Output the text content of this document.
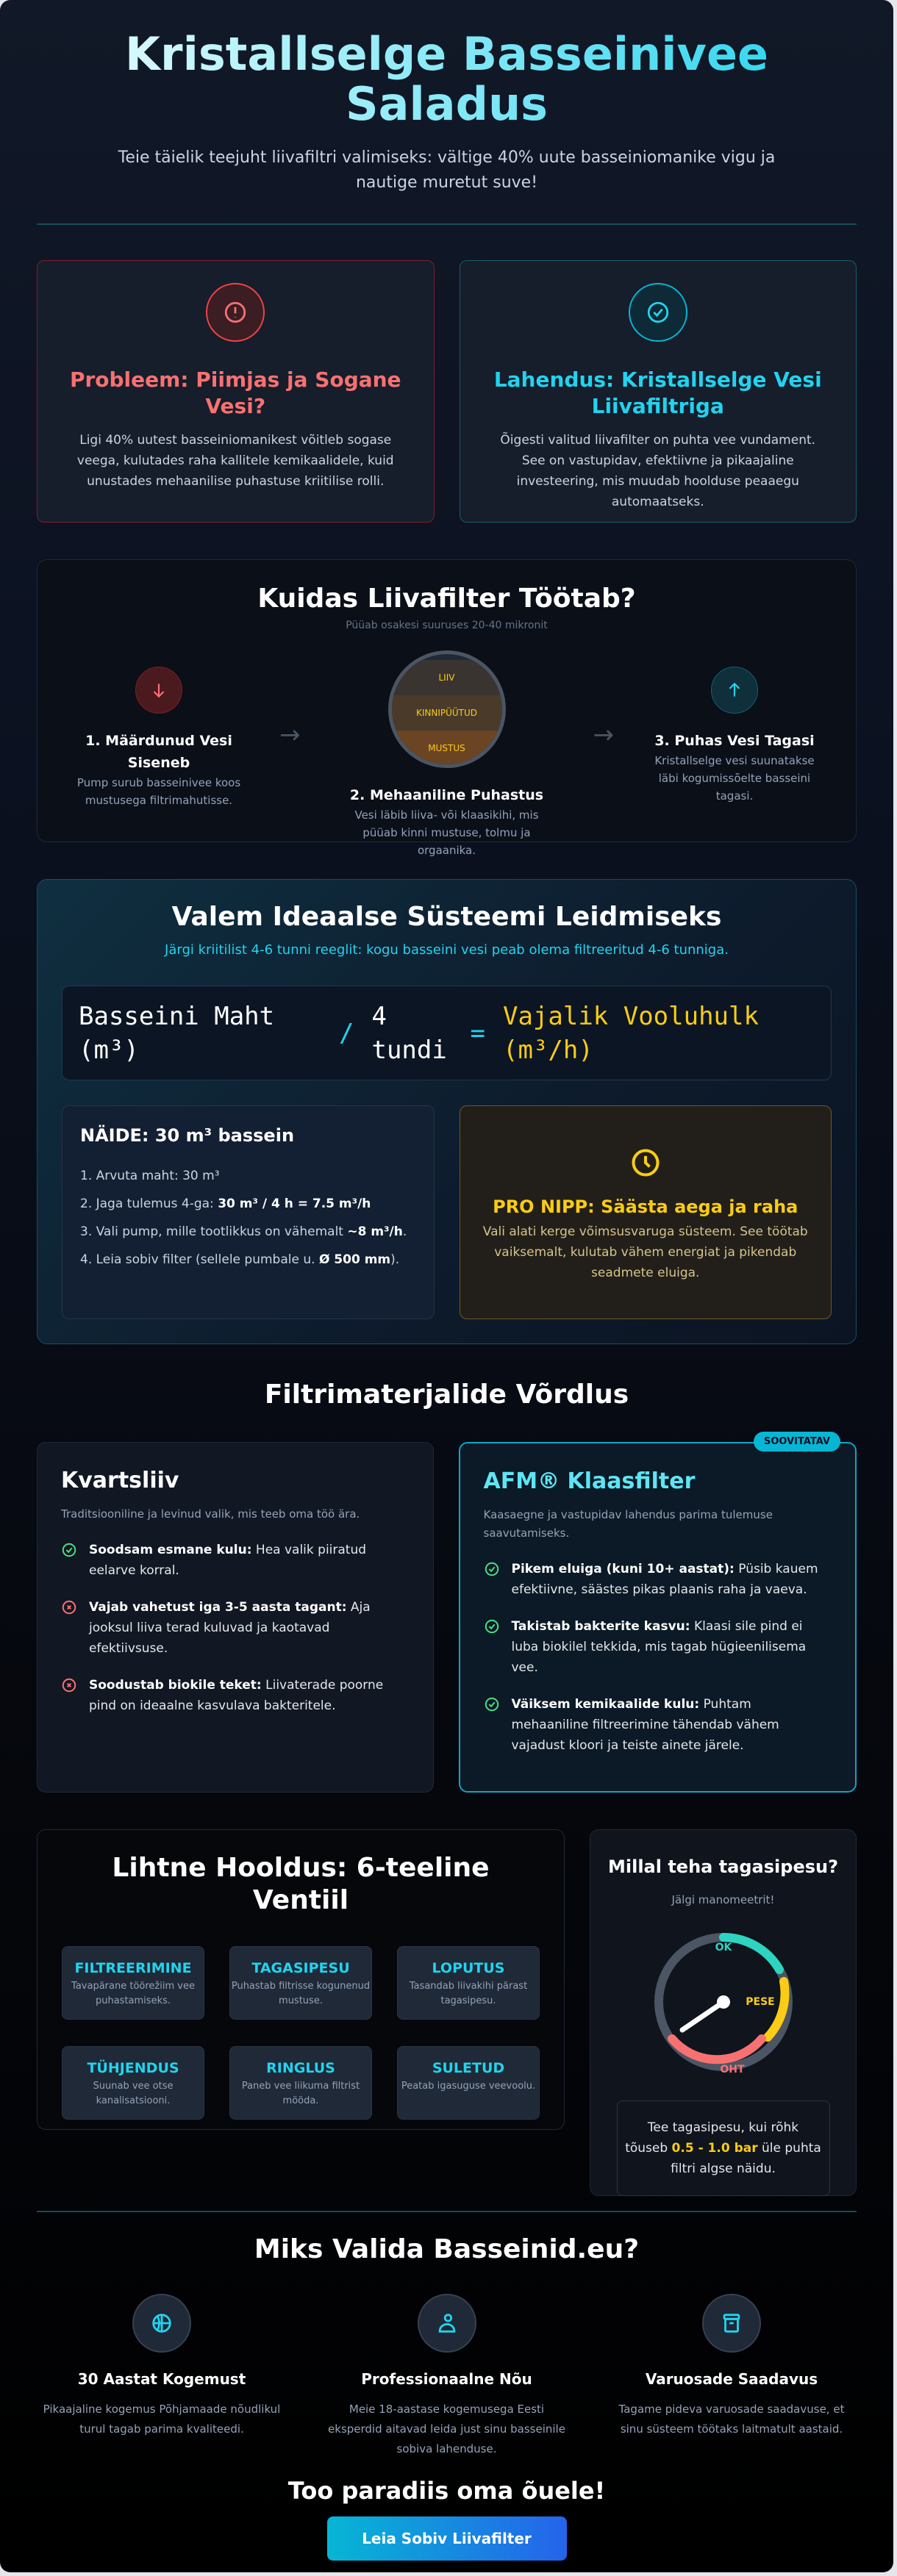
Kristallselge Basseinivee Saladus

Teie täielik teejuht liivafiltri valimiseks: vältige 40% uute basseiniomanike vigu ja nautige muretut suve!

Probleem: Piimjas ja Sogane Vesi?

Ligi 40% uutest basseiniomanikest võitleb sogase veega, kulutades raha kallitele kemikaalidele, kuid unustades mehaanilise puhastuse kriitilise rolli.

Lahendus: Kristallselge Vesi Liivafiltriga

Õigesti valitud liivafilter on puhta vee vundament. See on vastupidav, efektiivne ja pikaajaline investeering, mis muudab hoolduse peaaegu automaatseks.

Kuidas Liivafilter Töötab?
1. Määrdunud Vesi Siseneb

Pump surub basseinivee koos mustusega filtrimahutisse.

→
Püüab osakesi suuruses 20-40 mikronit
LIIV
KINNIPÜÜTUD
MUSTUS
2. Mehaaniline Puhastus

Vesi läbib liiva- või klaasikihi, mis püüab kinni mustuse, tolmu ja orgaanika.

→	3. Puhas Vesi Tagasi

Kristallselge vesi suunatakse läbi kogumissõelte basseini tagasi.

Valem Ideaalse Süsteemi Leidmiseks
Järgi kriitilist 4-6 tunni reeglit: kogu basseini vesi peab olema filtreeritud 4-6 tunniga.
Basseini Maht (m³)
/
4 tundi
=
Vajalik Vooluhulk (m³/h)
NÄIDE: 30 m³ bassein
1. Arvuta maht: 30 m³
2. Jaga tulemus 4-ga: 30 m³ / 4 h = 7.5 m³/h
3. Vali pump, mille tootlikkus on vähemalt ~8 m³/h.
4. Leia sobiv filter (sellele pumbale u. Ø 500 mm).
PRO NIPP: Säästa aega ja raha

Vali alati kerge võimsusvaruga süsteem. See töötab vaiksemalt, kulutab vähem energiat ja pikendab seadmete eluiga.

Filtrimaterjalide Võrdlus
Kvartsliiv

Traditsiooniline ja levinud valik, mis teeb oma töö ära.

Soodsam esmane kulu: Hea valik piiratud eelarve korral.
Vajab vahetust iga 3-5 aasta tagant: Aja jooksul liiva terad kuluvad ja kaotavad efektiivsuse.
Soodustab biokile teket: Liivaterade poorne pind on ideaalne kasvulava bakteritele.
SOOVITATAV
AFM® Klaasfilter

Kaasaegne ja vastupidav lahendus parima tulemuse saavutamiseks.

Pikem eluiga (kuni 10+ aastat): Püsib kauem efektiivne, säästes pikas plaanis raha ja vaeva.
Takistab bakterite kasvu: Klaasi sile pind ei luba biokilel tekkida, mis tagab hügieenilisema vee.
Väiksem kemikaalide kulu: Puhtam mehaaniline filtreerimine tähendab vähem vajadust kloori ja teiste ainete järele.
Lihtne Hooldus: 6-teeline Ventiil
FILTREERIMINE

Tavapärane töörežiim vee puhastamiseks.

TAGASIPESU

Puhastab filtrisse kogunenud mustuse.

LOPUTUS

Tasandab liivakihi pärast tagasipesu.

TÜHJENDUS

Suunab vee otse kanalisatsiooni.

RINGLUS

Paneb vee liikuma filtrist mööda.

SULETUD

Peatab igasuguse veevoolu.

Millal teha tagasipesu?
Jälgi manomeetrit!
OK
PESE
OHT
Tee tagasipesu, kui rõhk tõuseb 0.5 - 1.0 bar üle puhta filtri algse näidu.
Miks Valida Basseinid.eu?
30 Aastat Kogemust

Pikaajaline kogemus Põhjamaade nõudlikul turul tagab parima kvaliteedi.

Professionaalne Nõu

Meie 18-aastase kogemusega Eesti eksperdid aitavad leida just sinu basseinile sobiva lahenduse.

Varuosade Saadavus

Tagame pideva varuosade saadavuse, et sinu süsteem töötaks laitmatult aastaid.

Too paradiis oma õuele!
Leia Sobiv Liivafilter
